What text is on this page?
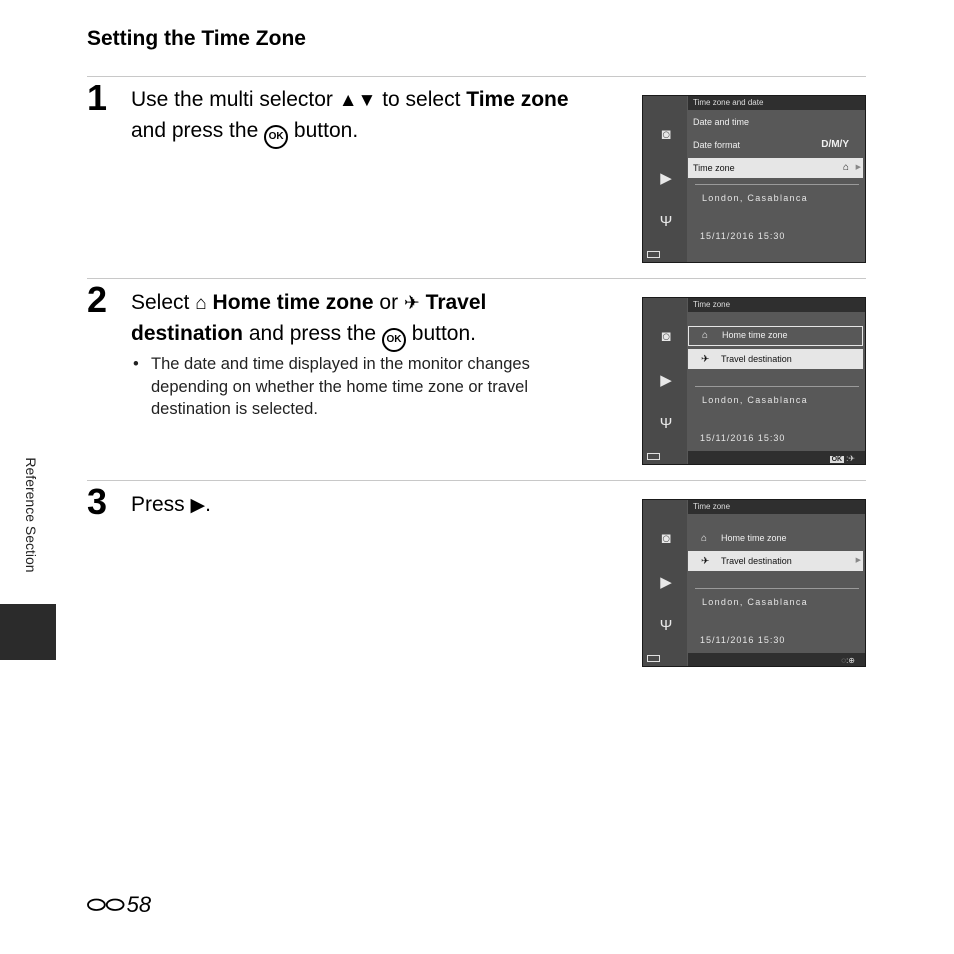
Setting the Time Zone
1 Use the multi selector ▲▼ to select Time zone and press the OK button.
2 Select ⌂ Home time zone or ✈ Travel destination and press the OK button.
• The date and time displayed in the monitor changes depending on whether the home time zone or travel destination is selected.
3 Press ▶.
◙
▶
Ψ
Time zone and date
Date and time
Date format	D/M/Y
Time zone	⌂ ▶
London, Casablanca
15/11/2016 15:30
◙
▶
Ψ
Time zone
⌂ Home time zone
✈ Travel destination
London, Casablanca
15/11/2016 15:30
OK :✈
◙
▶
Ψ
Time zone
⌂ Home time zone
✈ Travel destination	▶
London, Casablanca
15/11/2016 15:30
◌:⊕
Reference Section
⬭⬭58
